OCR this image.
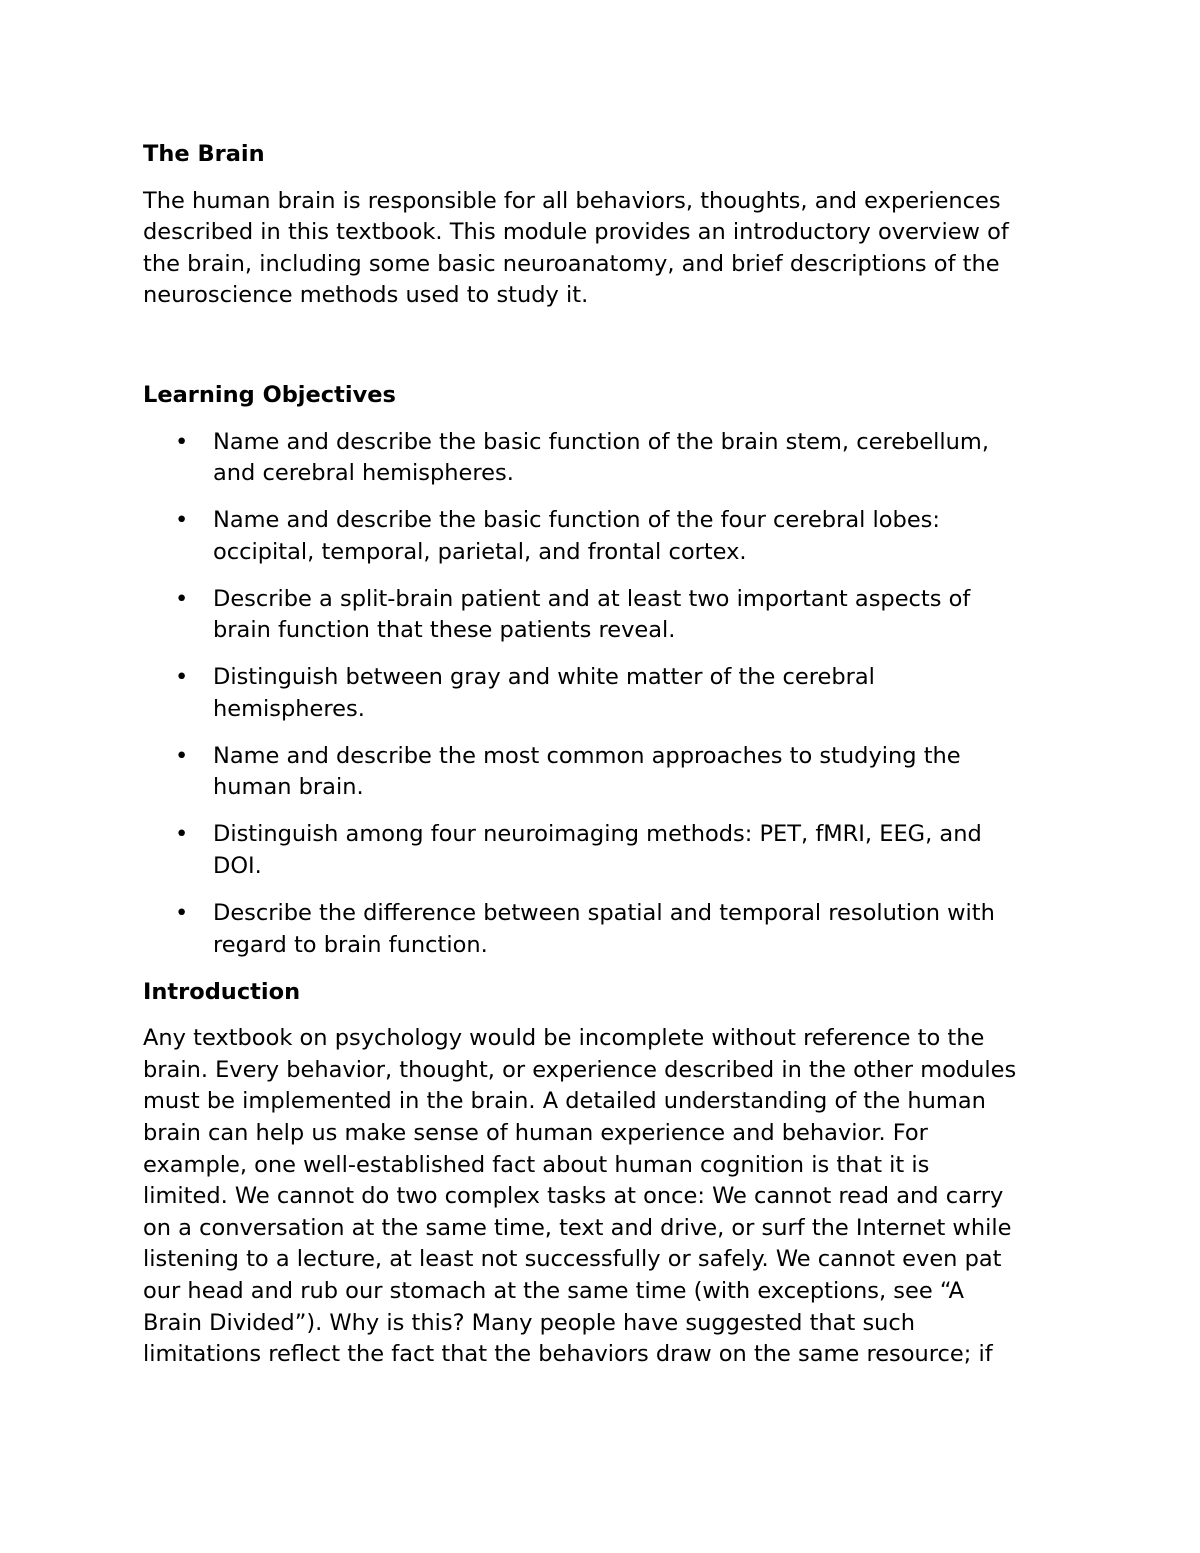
The Brain

The human brain is responsible for all behaviors, thoughts, and experiences
described in this textbook. This module provides an introductory overview of
the brain, including some basic neuroanatomy, and brief descriptions of the
neuroscience methods used to study it.

Learning Objectives
• Name and describe the basic function of the brain stem, cerebellum,
and cerebral hemispheres.
• Name and describe the basic function of the four cerebral lobes:
occipital, temporal, parietal, and frontal cortex.
• Describe a split-brain patient and at least two important aspects of
brain function that these patients reveal.
• Distinguish between gray and white matter of the cerebral
hemispheres.
• Name and describe the most common approaches to studying the
human brain.
• Distinguish among four neuroimaging methods: PET, fMRI, EEG, and
DOI.
• Describe the difference between spatial and temporal resolution with
regard to brain function.
Introduction

Any textbook on psychology would be incomplete without reference to the
brain. Every behavior, thought, or experience described in the other modules
must be implemented in the brain. A detailed understanding of the human
brain can help us make sense of human experience and behavior. For
example, one well-established fact about human cognition is that it is
limited. We cannot do two complex tasks at once: We cannot read and carry
on a conversation at the same time, text and drive, or surf the Internet while
listening to a lecture, at least not successfully or safely. We cannot even pat
our head and rub our stomach at the same time (with exceptions, see “A
Brain Divided”). Why is this? Many people have suggested that such
limitations reflect the fact that the behaviors draw on the same resource; if
